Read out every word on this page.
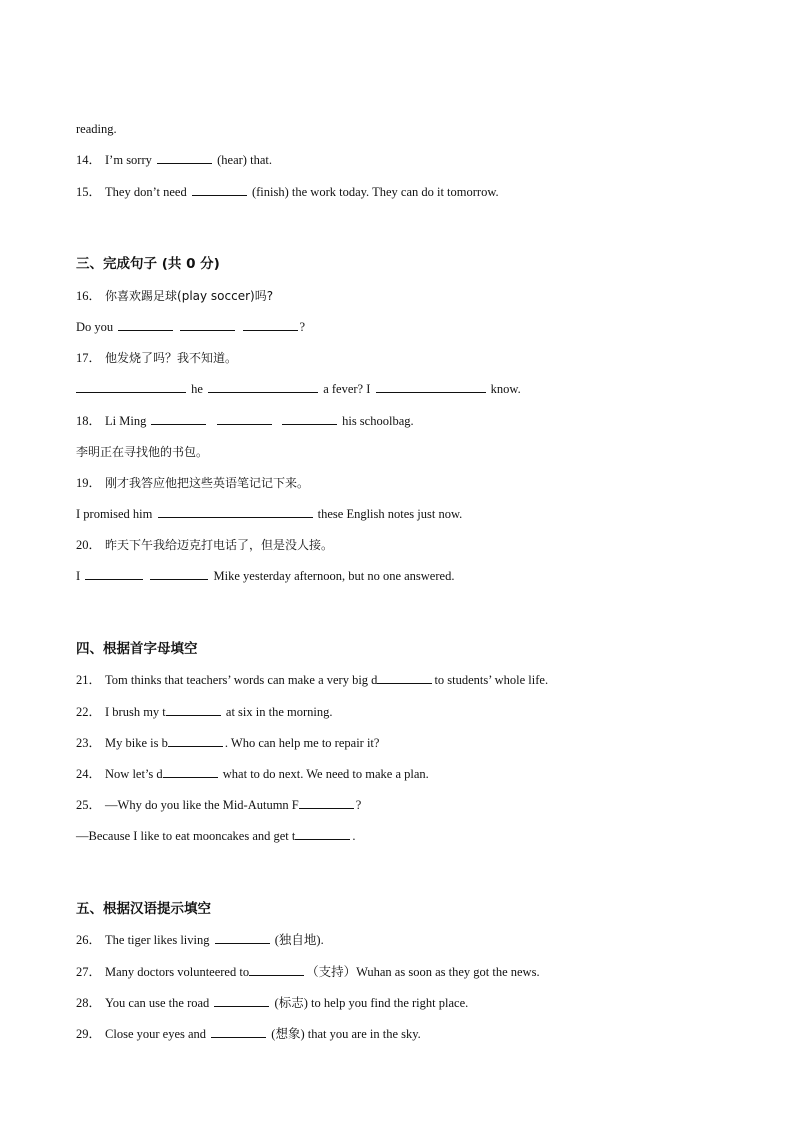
reading.
14． I’m sorry	(hear) that.
15． They don’t need	(finish) the work today. They can do it tomorrow.
三、完成句子 (共 0 分)
16． 你喜欢踢足球(play soccer)吗?
Do you	?
17． 他发烧了吗？我不知道。
he	a fever? I	know.
18． Li Ming	his schoolbag.
李明正在寻找他的书包。
19． 刚才我答应他把这些英语笔记记下来。
I promised him	these English notes just now.
20． 昨天下午我给迈克打电话了，但是没人接。
I	Mike yesterday afternoon, but no one answered.
四、根据首字母填空
21． Tom thinks that teachers’ words can make a very big d	to students’ whole life.
22． I brush my t	at six in the morning.
23． My bike is b	. Who can help me to repair it?
24． Now let’s d	what to do next. We need to make a plan.
25． —Why do you like the Mid-Autumn F	?
—Because I like to eat mooncakes and get t	.
五、根据汉语提示填空
26． The tiger likes living	(独自地).
27． Many doctors volunteered to	（支持）Wuhan as soon as they got the news.
28． You can use the road	(标志) to help you find the right place.
29． Close your eyes and	(想象) that you are in the sky.
